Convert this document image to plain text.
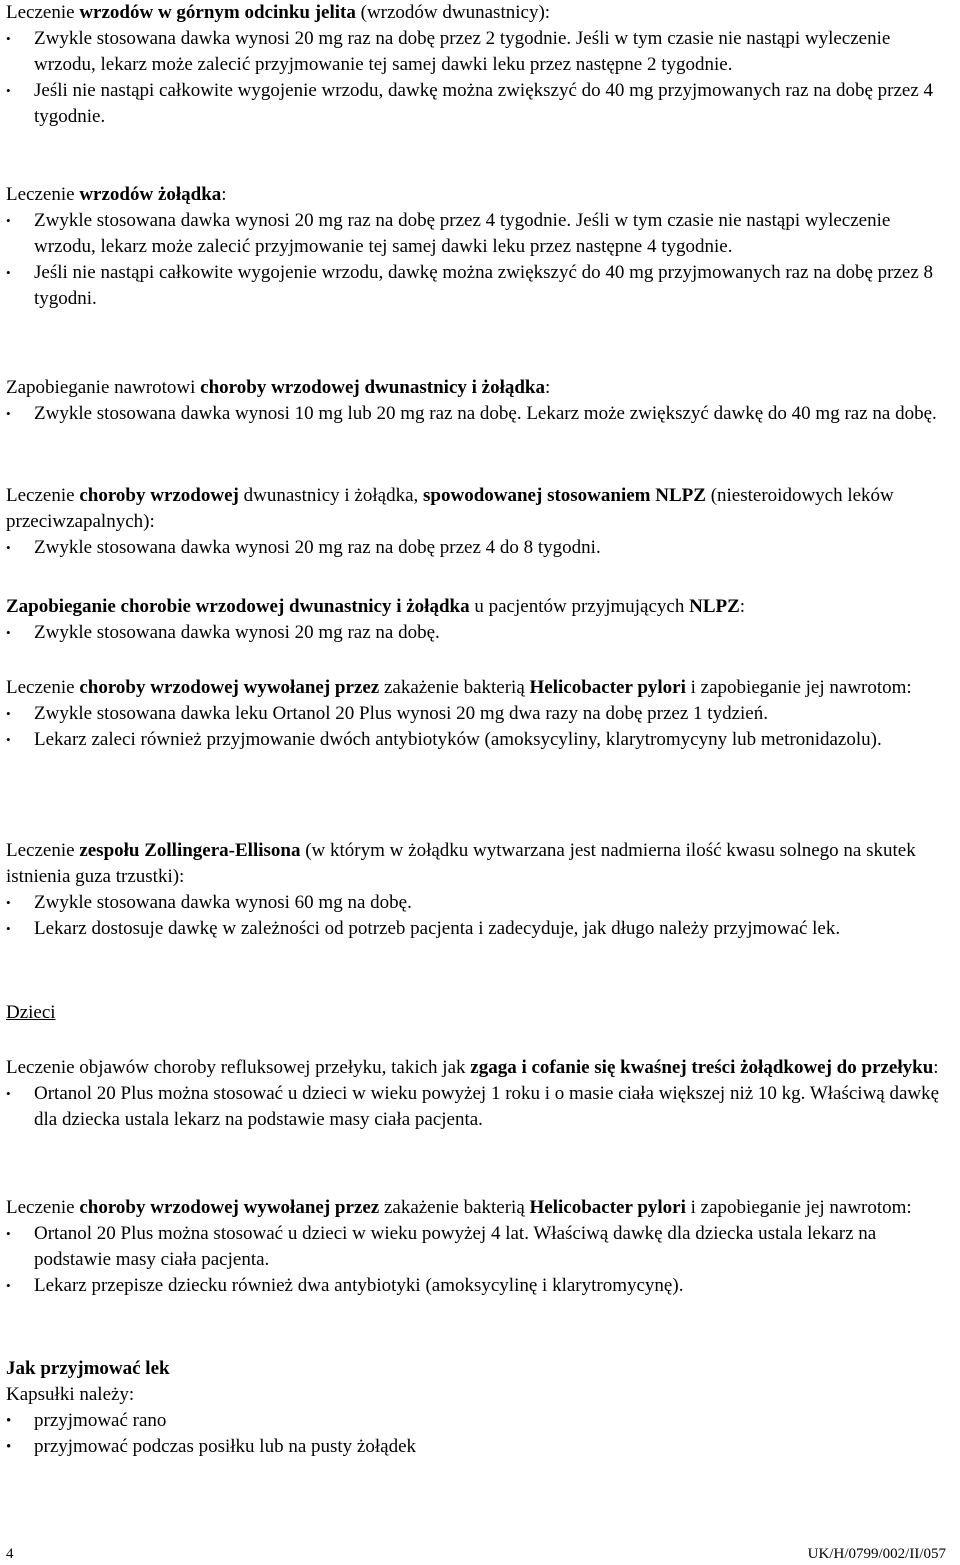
Leczenie wrzodów w górnym odcinku jelita (wrzodów dwunastnicy):
• Zwykle stosowana dawka wynosi 20 mg raz na dobę przez 2 tygodnie. Jeśli w tym czasie nie nastąpi wyleczenie wrzodu, lekarz może zalecić przyjmowanie tej samej dawki leku przez następne 2 tygodnie.
• Jeśli nie nastąpi całkowite wygojenie wrzodu, dawkę można zwiększyć do 40 mg przyjmowanych raz na dobę przez 4 tygodnie.
Leczenie wrzodów żołądka:
• Zwykle stosowana dawka wynosi 20 mg raz na dobę przez 4 tygodnie. Jeśli w tym czasie nie nastąpi wyleczenie wrzodu, lekarz może zalecić przyjmowanie tej samej dawki leku przez następne 4 tygodnie.
• Jeśli nie nastąpi całkowite wygojenie wrzodu, dawkę można zwiększyć do 40 mg przyjmowanych raz na dobę przez 8 tygodni.
Zapobieganie nawrotowi choroby wrzodowej dwunastnicy i żołądka:
• Zwykle stosowana dawka wynosi 10 mg lub 20 mg raz na dobę. Lekarz może zwiększyć dawkę do 40 mg raz na dobę.
Leczenie choroby wrzodowej dwunastnicy i żołądka, spowodowanej stosowaniem NLPZ (niesteroidowych leków przeciwzapalnych):
• Zwykle stosowana dawka wynosi 20 mg raz na dobę przez 4 do 8 tygodni.
Zapobieganie chorobie wrzodowej dwunastnicy i żołądka u pacjentów przyjmujących NLPZ:
• Zwykle stosowana dawka wynosi 20 mg raz na dobę.
Leczenie choroby wrzodowej wywołanej przez zakażenie bakterią Helicobacter pylori i zapobieganie jej nawrotom:
• Zwykle stosowana dawka leku Ortanol 20 Plus wynosi 20 mg dwa razy na dobę przez 1 tydzień.
• Lekarz zaleci również przyjmowanie dwóch antybiotyków (amoksycyliny, klarytromycyny lub metronidazolu).
Leczenie zespołu Zollingera-Ellisona (w którym w żołądku wytwarzana jest nadmierna ilość kwasu solnego na skutek istnienia guza trzustki):
• Zwykle stosowana dawka wynosi 60 mg na dobę.
• Lekarz dostosuje dawkę w zależności od potrzeb pacjenta i zadecyduje, jak długo należy przyjmować lek.
Dzieci
Leczenie objawów choroby refluksowej przełyku, takich jak zgaga i cofanie się kwaśnej treści żołądkowej do przełyku:
• Ortanol 20 Plus można stosować u dzieci w wieku powyżej 1 roku i o masie ciała większej niż 10 kg. Właściwą dawkę dla dziecka ustala lekarz na podstawie masy ciała pacjenta.
Leczenie choroby wrzodowej wywołanej przez zakażenie bakterią Helicobacter pylori i zapobieganie jej nawrotom:
• Ortanol 20 Plus można stosować u dzieci w wieku powyżej 4 lat. Właściwą dawkę dla dziecka ustala lekarz na podstawie masy ciała pacjenta.
• Lekarz przepisze dziecku również dwa antybiotyki (amoksycylinę i klarytromycynę).
Jak przyjmować lek
Kapsułki należy:
• przyjmować rano
• przyjmować podczas posiłku lub na pusty żołądek
4	UK/H/0799/002/II/057
